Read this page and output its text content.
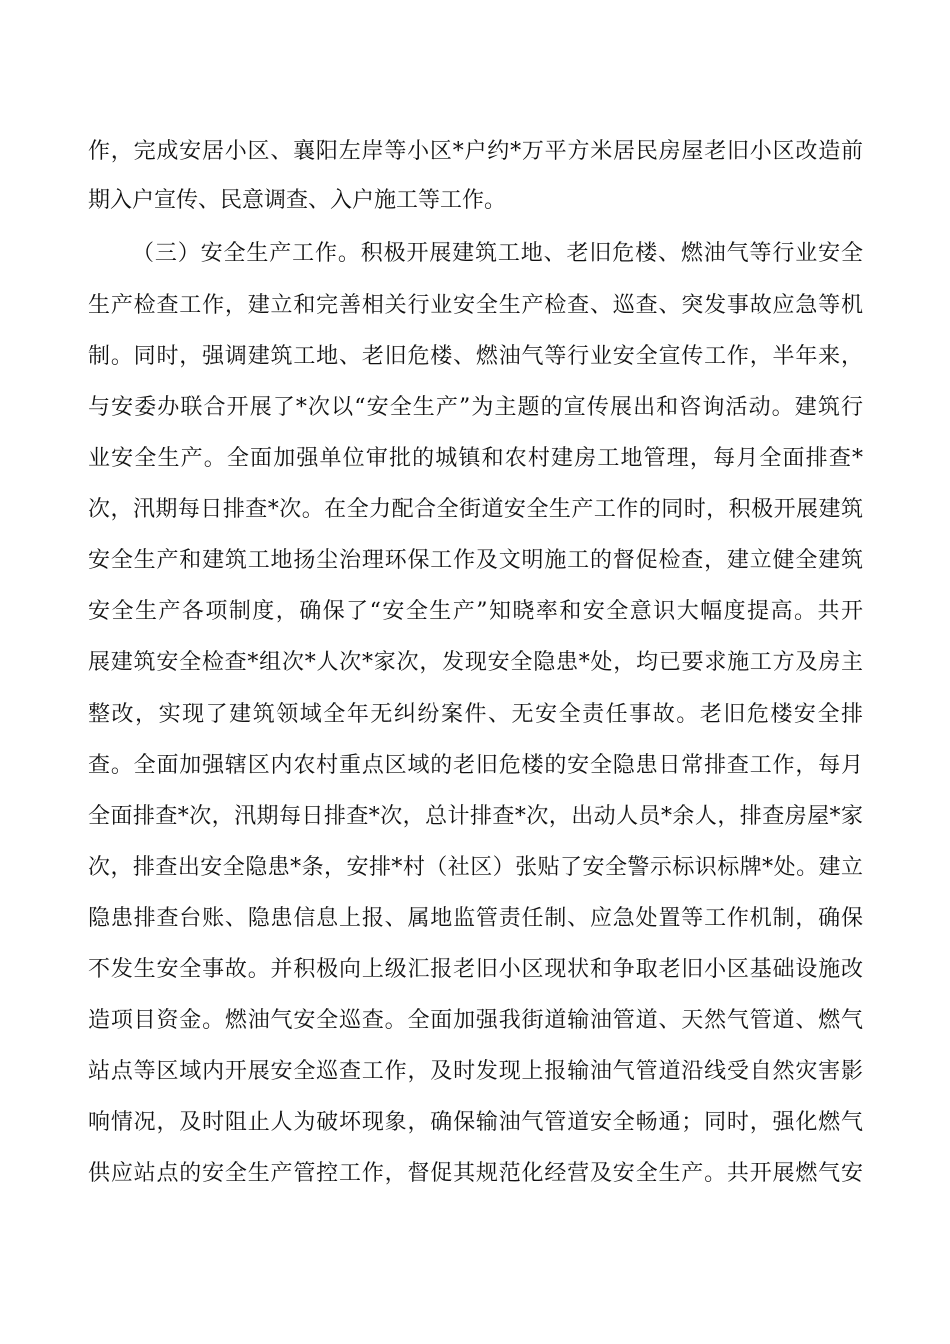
作，完成安居小区、襄阳左岸等小区*户约*万平方米居民房屋老旧小区改造前
期入户宣传、民意调查、入户施工等工作。
（三）安全生产工作。积极开展建筑工地、老旧危楼、燃油气等行业安全
生产检查工作，建立和完善相关行业安全生产检查、巡查、突发事故应急等机
制。同时，强调建筑工地、老旧危楼、燃油气等行业安全宣传工作，半年来，
与安委办联合开展了*次以“安全生产”为主题的宣传展出和咨询活动。建筑行
业安全生产。全面加强单位审批的城镇和农村建房工地管理，每月全面排查*
次，汛期每日排查*次。在全力配合全街道安全生产工作的同时，积极开展建筑
安全生产和建筑工地扬尘治理环保工作及文明施工的督促检查，建立健全建筑
安全生产各项制度，确保了“安全生产”知晓率和安全意识大幅度提高。共开
展建筑安全检查*组次*人次*家次，发现安全隐患*处，均已要求施工方及房主
整改，实现了建筑领域全年无纠纷案件、无安全责任事故。老旧危楼安全排
查。全面加强辖区内农村重点区域的老旧危楼的安全隐患日常排查工作，每月
全面排查*次，汛期每日排查*次，总计排查*次，出动人员*余人，排查房屋*家
次，排查出安全隐患*条，安排*村（社区）张贴了安全警示标识标牌*处。建立
隐患排查台账、隐患信息上报、属地监管责任制、应急处置等工作机制，确保
不发生安全事故。并积极向上级汇报老旧小区现状和争取老旧小区基础设施改
造项目资金。燃油气安全巡查。全面加强我街道输油管道、天然气管道、燃气
站点等区域内开展安全巡查工作，及时发现上报输油气管道沿线受自然灾害影
响情况，及时阻止人为破坏现象，确保输油气管道安全畅通；同时，强化燃气
供应站点的安全生产管控工作，督促其规范化经营及安全生产。共开展燃气安
